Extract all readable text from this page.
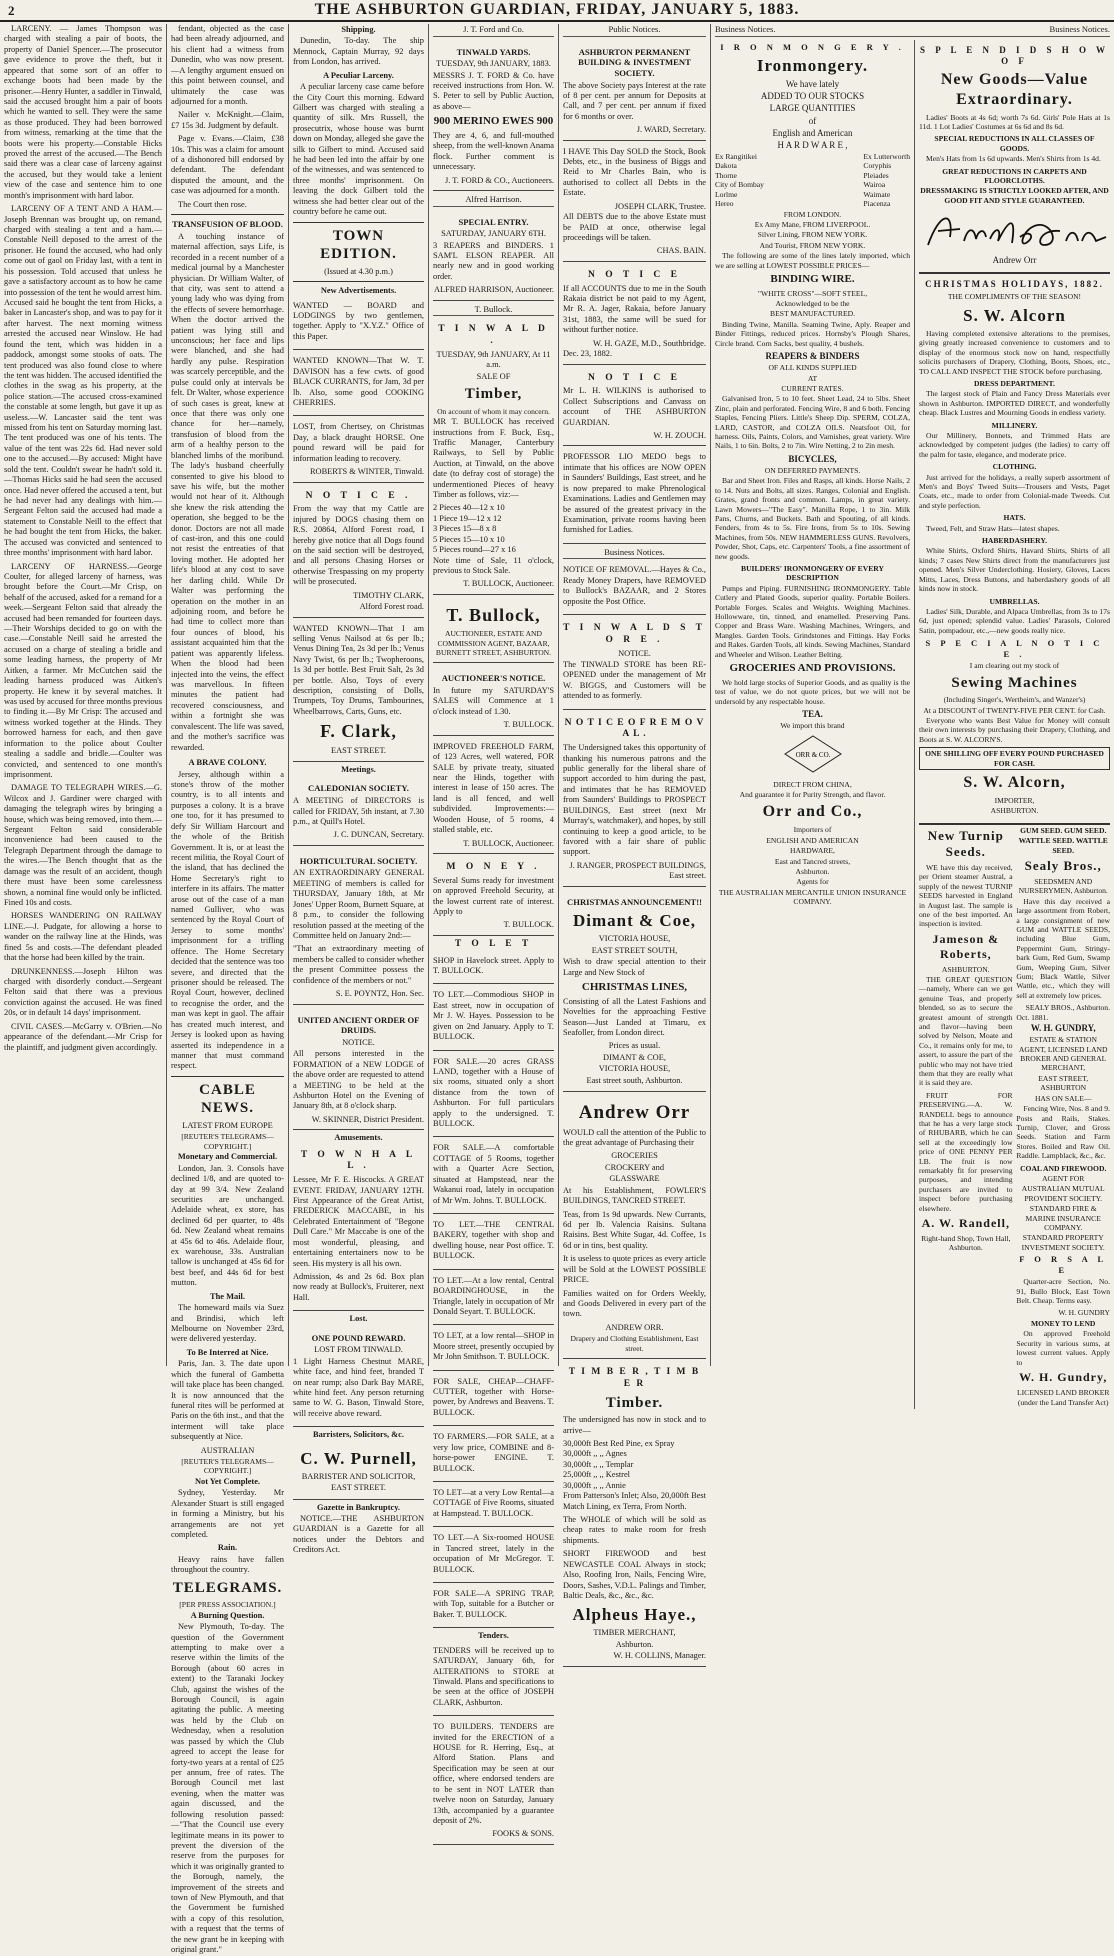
2	THE ASHBURTON GUARDIAN, FRIDAY, JANUARY 5, 1883.

LARCENY. — James Thompson was charged with stealing a pair of boots, the property of Daniel Spencer.—The prosecutor gave evidence to prove the theft, but it appeared that some sort of an offer to exchange boots had been made by the prisoner.—Henry Hunter, a saddler in Tinwald, said the accused brought him a pair of boots which he wanted to sell. They were the same as those produced. They had been borrowed from witness, remarking at the time that the boots were his property.—Constable Hicks proved the arrest of the accused.—The Bench said there was a clear case of larceny against the accused, but they would take a lenient view of the case and sentence him to one month's imprisonment with hard labor.

LARCENY OF A TENT AND A HAM.—Joseph Brennan was brought up, on remand, charged with stealing a tent and a ham.—Constable Neill deposed to the arrest of the prisoner. He found the accused, who had only come out of gaol on Friday last, with a tent in his possession. Told accused that unless he gave a satisfactory account as to how he came into possession of the tent he would arrest him. Accused said he bought the tent from Hicks, a baker in Lancaster's shop, and was to pay for it after harvest. The next morning witness arrested the accused near Winslow. He had found the tent, which was hidden in a paddock, amongst some stooks of oats. The tent produced was also found close to where the tent was hidden. The accused identified the clothes in the swag as his property, at the police station.—The accused cross-examined the constable at some length, but gave it up as useless.—W. Lancaster said the tent was missed from his tent on Saturday morning last. The tent produced was one of his tents. The value of the tent was 22s 6d. Had never sold one to the accused.—By accused: Might have sold the tent. Couldn't swear he hadn't sold it.—Thomas Hicks said he had seen the accused once. Had never offered the accused a tent, but he had never had any dealings with him.—Sergeant Felton said the accused had made a statement to Constable Neill to the effect that he had bought the tent from Hicks, the baker. The accused was convicted and sentenced to three months' imprisonment with hard labor.

LARCENY OF HARNESS.—George Coulter, for alleged larceny of harness, was brought before the Court.—Mr Crisp, on behalf of the accused, asked for a remand for a week.—Sergeant Felton said that already the accused had been remanded for fourteen days.—Their Worships decided to go on with the case.—Constable Neill said he arrested the accused on a charge of stealing a bridle and some leading harness, the property of Mr Aitken, a farmer. Mr McCutchen said the leading harness produced was Aitken's property. He knew it by several matches. It was used by accused for three months previous to finding it.—By Mr Crisp: The accused and witness worked together at the Hinds. They borrowed harness for each, and then gave information to the police about Coulter stealing a saddle and bridle.—Coulter was convicted, and sentenced to one month's imprisonment.

DAMAGE TO TELEGRAPH WIRES.—G. Wilcox and J. Gardiner were charged with damaging the telegraph wires by bringing a house, which was being removed, into them.—Sergeant Felton said considerable inconvenience had been caused to the Telegraph Department through the damage to the wires.—The Bench thought that as the damage was the result of an accident, though there must have been some carelessness shown, a nominal fine would only be inflicted. Fined 10s and costs.

HORSES WANDERING ON RAILWAY LINE.—J. Pudgate, for allowing a horse to wander on the railway line at the Hinds, was fined 5s and costs.—The defendant pleaded that the horse had been killed by the train.

DRUNKENNESS.—Joseph Hilton was charged with disorderly conduct.—Sergeant Felton said that there was a previous conviction against the accused. He was fined 20s, or in default 14 days' imprisonment.

CIVIL CASES.—McGarry v. O'Brien.—No appearance of the defendant.—Mr Crisp for the plaintiff, and judgment given accordingly.

fendant, objected as the case had been already adjourned, and his client had a witness from Dunedin, who was now present.—A lengthy argument ensued on this point between counsel, and ultimately the case was adjourned for a month.

Nailer v. McKnight.—Claim, £7 15s 3d. Judgment by default.

Page v. Evans.—Claim, £38 10s. This was a claim for amount of a dishonored bill endorsed by defendant. The defendant disputed the amount, and the case was adjourned for a month.

The Court then rose.

TRANSFUSION OF BLOOD.

A touching instance of maternal affection, says Life, is recorded in a recent number of a medical journal by a Manchester physician. Dr William Walter, of that city, was sent to attend a young lady who was dying from the effects of severe hemorrhage. When the doctor arrived the patient was lying still and unconscious; her face and lips were blanched, and she had hardly any pulse. Respiration was scarcely perceptible, and the pulse could only at intervals be felt. Dr Walter, whose experience of such cases is great, knew at once that there was only one chance for her—namely, transfusion of blood from the arm of a healthy person to the blanched limbs of the moribund. The lady's husband cheerfully consented to give his blood to save his wife, but the mother would not hear of it. Although she knew the risk attending the operation, she begged to be the donor. Doctors are not all made of cast-iron, and this one could not resist the entreaties of that loving mother. He adopted her life's blood at any cost to save her darling child. While Dr Walter was performing the operation on the mother in an adjoining room, and before he had time to collect more than four ounces of blood, his assistant acquainted him that the patient was apparently lifeless. When the blood had been injected into the veins, the effect was marvellous. In fifteen minutes the patient had recovered consciousness, and within a fortnight she was convalescent. The life was saved, and the mother's sacrifice was rewarded.

A BRAVE COLONY.

Jersey, although within a stone's throw of the mother country, is to all intents and purposes a colony. It is a brave one too, for it has presumed to defy Sir William Harcourt and the whole of the British Government. It is, or at least the recent militia, the Royal Court of the island, that has declined the Home Secretary's right to interfere in its affairs. The matter arose out of the case of a man named Gulliver, who was sentenced by the Royal Court of Jersey to some months' imprisonment for a trifling offence. The Home Secretary decided that the sentence was too severe, and directed that the prisoner should be released. The Royal Court, however, declined to recognise the order, and the man was kept in gaol. The affair has created much interest, and Jersey is looked upon as having asserted its independence in a manner that must command respect.

CABLE NEWS.
LATEST FROM EUROPE
[REUTER'S TELEGRAMS—COPYRIGHT.]
Monetary and Commercial.

London, Jan. 3. Consols have declined 1/8, and are quoted to-day at 99 3/4. New Zealand securities are unchanged. Adelaide wheat, ex store, has declined 6d per quarter, to 48s 6d. New Zealand wheat remains at 45s 6d to 46s. Adelaide flour, ex warehouse, 33s. Australian tallow is unchanged at 45s 6d for best beef, and 44s 6d for best mutton.

The Mail.

The homeward mails via Suez and Brindisi, which left Melbourne on November 23rd, were delivered yesterday.

To Be Interred at Nice.

Paris, Jan. 3. The date upon which the funeral of Gambetta will take place has been changed. It is now announced that the funeral rites will be performed at Paris on the 6th inst., and that the interment will take place subsequently at Nice.

AUSTRALIAN
[REUTER'S TELEGRAMS—COPYRIGHT.]
Not Yet Complete.

Sydney, Yesterday. Mr Alexander Stuart is still engaged in forming a Ministry, but his arrangements are not yet completed.

Rain.

Heavy rains have fallen throughout the country.

TELEGRAMS.
[PER PRESS ASSOCIATION.]
A Burning Question.

New Plymouth, To-day. The question of the Government attempting to make over a reserve within the limits of the Borough (about 60 acres in extent) to the Taranaki Jockey Club, against the wishes of the Borough Council, is again agitating the public. A meeting was held by the Club on Wednesday, when a resolution was passed by which the Club agreed to accept the lease for forty-two years at a rental of £25 per annum, free of rates. The Borough Council met last evening, when the matter was again discussed, and the following resolution passed:—"That the Council use every legitimate means in its power to prevent the diversion of the reserve from the purposes for which it was originally granted to the Borough, namely, the improvement of the streets and town of New Plymouth, and that the Government be furnished with a copy of this resolution, with a request that the terms of the new grant be in keeping with original grant."

Shipping.

Dunedin, To-day. The ship Mennock, Captain Murray, 92 days from London, has arrived.

A Peculiar Larceny.

A peculiar larceny case came before the City Court this morning. Edward Gilbert was charged with stealing a quantity of silk. Mrs Russell, the prosecutrix, whose house was burnt down on Monday, alleged she gave the silk to Gilbert to mind. Accused said he had been led into the affair by one of the witnesses, and was sentenced to three months' imprisonment. On leaving the dock Gilbert told the witness she had better clear out of the country before he came out.

TOWN EDITION.
(Issued at 4.30 p.m.)
New Advertisements.

WANTED — BOARD and LODGINGS by two gentlemen, together. Apply to "X.Y.Z." Office of this Paper.

WANTED KNOWN—That W. T. DAVISON has a few cwts. of good BLACK CURRANTS, for Jam, 3d per lb. Also, some good COOKING CHERRIES.

LOST, from Chertsey, on Christmas Day, a black draught HORSE. One pound reward will be paid for information leading to recovery.

ROBERTS & WINTER, Tinwald.
N O T I C E .

From the way that my Cattle are injured by DOGS chasing them on R.S. 20864, Alford Forest road, I hereby give notice that all Dogs found on the said section will be destroyed, and all persons Chasing Horses or otherwise Trespassing on my property will be prosecuted.

TIMOTHY CLARK,
Alford Forest road.

WANTED KNOWN—That I am selling Venus Nailsod at 6s per lb.; Venus Dining Tea, 2s 3d per lb.; Venus Navy Twist, 6s per lb.; Twopheroons, 1s 3d per bottle. Best Fruit Salt, 2s 3d per bottle. Also, Toys of every description, consisting of Dolls, Trumpets, Toy Drums, Tambourines, Wheelbarrows, Carts, Guns, etc.

F. Clark,
EAST STREET.
Meetings.
CALEDONIAN SOCIETY.

A MEETING of DIRECTORS is called for FRIDAY, 5th instant, at 7.30 p.m., at Quill's Hotel.

J. C. DUNCAN, Secretary.
HORTICULTURAL SOCIETY.

AN EXTRAORDINARY GENERAL MEETING of members is called for THURSDAY, January 18th, at Mr Jones' Upper Room, Burnett Square, at 8 p.m., to consider the following resolution passed at the meeting of the Committee held on January 2nd:—

"That an extraordinary meeting of members be called to consider whether the present Committee possess the confidence of the members or not."

S. E. POYNTZ, Hon. Sec.
UNITED ANCIENT ORDER OF DRUIDS.
NOTICE.

All persons interested in the FORMATION of a NEW LODGE of the above order are requested to attend a MEETING to be held at the Ashburton Hotel on the Evening of January 8th, at 8 o'clock sharp.

W. SKINNER, District President.
Amusements.
T O W N H A L L .

Lessee, Mr F. E. Hiscocks. A GREAT EVENT. FRIDAY, JANUARY 12TH. First Appearance of the Great Artist, FREDERICK MACCABE, in his Celebrated Entertainment of "Begone Dull Care." Mr Maccabe is one of the most wonderful, pleasing, and entertaining entertainers now to be seen. His mystery is all his own.

Admission, 4s and 2s 6d. Box plan now ready at Bullock's, Fruiterer, next Hall.

Lost.
ONE POUND REWARD.
LOST FROM TINWALD.

1 Light Harness Chestnut MARE, white face, and hind feet, branded T on near rump; also Dark Bay MARE, white hind feet. Any person returning same to W. G. Bason, Tinwald Store, will receive above reward.

Barristers, Solicitors, &c.
C. W. Purnell,
BARRISTER AND SOLICITOR,
EAST STREET.
Gazette in Bankruptcy.

NOTICE.—THE ASHBURTON GUARDIAN is a Gazette for all notices under the Debtors and Creditors Act.

J. T. Ford and Co.
TINWALD YARDS.
TUESDAY, 9th JANUARY, 1883.

MESSRS J. T. FORD & Co. have received instructions from Hon. W. S. Peter to sell by Public Auction, as above—

900 MERINO EWES 900

They are 4, 6, and full-mouthed sheep, from the well-known Anama flock. Further comment is unnecessary.

J. T. FORD & CO., Auctioneers.
Alfred Harrison.
SPECIAL ENTRY.
SATURDAY, JANUARY 6TH.

3 REAPERS and BINDERS. 1 SAM'L ELSON REAPER. All nearly new and in good working order.

ALFRED HARRISON, Auctioneer.
T. Bullock.
T I N W A L D .
TUESDAY, 9th JANUARY, At 11 a.m.
SALE OF
Timber,
On account of whom it may concern.

MR T. BULLOCK has received instructions from F. Buck, Esq., Traffic Manager, Canterbury Railways, to Sell by Public Auction, at Tinwald, on the above date (to defray cost of storage) the undermentioned Pieces of heavy Timber as follows, viz:—

2 Pieces 40—12 x 10
1 Piece 19—12 x 12
3 Pieces 15—8 x 8
5 Pieces 15—10 x 10
5 Pieces round—27 x 16

Note time of Sale, 11 o'clock, previous to Stock Sale.

T. BULLOCK, Auctioneer.
T. Bullock,
AUCTIONEER, ESTATE AND COMMISSION AGENT, BAZAAR, BURNETT STREET, ASHBURTON.
AUCTIONEER'S NOTICE.

In future my SATURDAY'S SALES will Commence at 1 o'clock instead of 1.30.

T. BULLOCK.

IMPROVED FREEHOLD FARM, of 123 Acres, well watered, FOR SALE by private treaty, situated near the Hinds, together with interest in lease of 150 acres. The land is all fenced, and well subdivided. Improvements:—Wooden House, of 5 rooms, 4 stalled stable, etc.

T. BULLOCK, Auctioneer.
M O N E Y .

Several Sums ready for investment on approved Freehold Security, at the lowest current rate of interest. Apply to

T. BULLOCK.
T O L E T

SHOP in Havelock street. Apply to T. BULLOCK.

TO LET.—Commodious SHOP in East street, now in occupation of Mr J. W. Hayes. Possession to be given on 2nd January. Apply to T. BULLOCK.

FOR SALE.—20 acres GRASS LAND, together with a House of six rooms, situated only a short distance from the town of Ashburton. For full particulars apply to the undersigned. T. BULLOCK.

FOR SALE.—A comfortable COTTAGE of 5 Rooms, together with a Quarter Acre Section, situated at Hampstead, near the Wakanui road, lately in occupation of Mr Wm. Johns. T. BULLOCK.

TO LET.—THE CENTRAL BAKERY, together with shop and dwelling house, near Post office. T. BULLOCK.

TO LET.—At a low rental, Central BOARDINGHOUSE, in the Triangle, lately in occupation of Mr Donald Seyart. T. BULLOCK.

TO LET, at a low rental—SHOP in Moore street, presently occupied by Mr John Smithson. T. BULLOCK.

FOR SALE, CHEAP—CHAFF-CUTTER, together with Horse-power, by Andrews and Beavens. T. BULLOCK.

TO FARMERS.—FOR SALE, at a very low price, COMBINE and 8-horse-power ENGINE. T. BULLOCK.

TO LET—at a very Low Rental—a COTTAGE of Five Rooms, situated at Hampstead. T. BULLOCK.

TO LET.—A Six-roomed HOUSE in Tancred street, lately in the occupation of Mr McGregor. T. BULLOCK.

FOR SALE—A SPRING TRAP, with Top, suitable for a Butcher or Baker. T. BULLOCK.

Tenders.

TENDERS will be received up to SATURDAY, January 6th, for ALTERATIONS to STORE at Tinwald. Plans and specifications to be seen at the office of JOSEPH CLARK, Ashburton.

TO BUILDERS. TENDERS are invited for the ERECTION of a HOUSE for R. Herring, Esq., at Alford Station. Plans and Specification may be seen at our office, where endorsed tenders are to be sent in NOT LATER than twelve noon on Saturday, January 13th, accompanied by a guarantee deposit of 2%.

FOOKS & SONS.
Public Notices.
ASHBURTON PERMANENT BUILDING & INVESTMENT SOCIETY.

The above Society pays Interest at the rate of 8 per cent. per annum for Deposits at Call, and 7 per cent. per annum if fixed for 6 months or over.

J. WARD, Secretary.

I HAVE This Day SOLD the Stock, Book Debts, etc., in the business of Biggs and Reid to Mr Charles Bain, who is authorised to collect all Debts in the Estate.

JOSEPH CLARK, Trustee.

All DEBTS due to the above Estate must be PAID at once, otherwise legal proceedings will be taken.

CHAS. BAIN.
N O T I C E

If all ACCOUNTS due to me in the South Rakaia district be not paid to my Agent, Mr R. A. Jager, Rakaia, before January 31st, 1883, the same will be sued for without further notice.

W. H. GAZE, M.D., Southbridge.
Dec. 23, 1882.
N O T I C E

Mr L. H. WILKINS is authorised to Collect Subscriptions and Canvass on account of THE ASHBURTON GUARDIAN.

W. H. ZOUCH.

PROFESSOR LIO MEDO begs to intimate that his offices are NOW OPEN in Saunders' Buildings, East street, and he is now prepared to make Phrenological Examinations. Ladies and Gentlemen may be assured of the greatest privacy in the Examination, private rooms having been furnished for Ladies.

Business Notices.

NOTICE OF REMOVAL.—Hayes & Co., Ready Money Drapers, have REMOVED to Bullock's BAZAAR, and 2 Stores opposite the Post Office.

T I N W A L D S T O R E .
NOTICE.

The TINWALD STORE has been RE-OPENED under the management of Mr W. BIGGS, and Customers will be attended to as formerly.

N O T I C E O F R E M O V A L .

The Undersigned takes this opportunity of thanking his numerous patrons and the public generally for the liberal share of support accorded to him during the past, and intimates that he has REMOVED from Saunders' Buildings to PROSPECT BUILDINGS, East street (next Mr Murray's, watchmaker), and hopes, by still continuing to keep a good article, to be favored with a fair share of public support.

J. RANGER, PROSPECT BUILDINGS, East street.
CHRISTMAS ANNOUNCEMENT!!
Dimant & Coe,
VICTORIA HOUSE,
EAST STREET SOUTH,

Wish to draw special attention to their Large and New Stock of

CHRISTMAS LINES,

Consisting of all the Latest Fashions and Novelties for the approaching Festive Season—Just Landed at Timaru, ex Seafoller, from London direct.

Prices as usual.
DIMANT & COE,
VICTORIA HOUSE,
East street south, Ashburton.
Andrew Orr

WOULD call the attention of the Public to the great advantage of Purchasing their

GROCERIES
CROCKERY and
GLASSWARE

At his Establishment, FOWLER'S BUILDINGS, TANCRED STREET.

Teas, from 1s 9d upwards. New Currants, 6d per lb. Valencia Raisins. Sultana Raisins. Best White Sugar, 4d. Coffee, 1s 6d or in tins, best quality.

It is useless to quote prices as every article will be Sold at the LOWEST POSSIBLE PRICE.

Families waited on for Orders Weekly, and Goods Delivered in every part of the town.

ANDREW ORR.
Drapery and Clothing Establishment, East street.
T I M B E R , T I M B E R
Timber.

The undersigned has now in stock and to arrive—

30,000ft Best Red Pine, ex Spray
30,000ft ,, ,, Agnes
30,000ft ,, ,, Templar
25,000ft ,, ,, Kestrel
30,000ft ,, ,, Annie

From Patterson's Inlet; Also, 20,000ft Best Match Lining, ex Terra, From North.

The WHOLE of which will be sold as cheap rates to make room for fresh shipments.

SHORT FIREWOOD and best NEWCASTLE COAL Always in stock; Also, Roofing Iron, Nails, Fencing Wire, Doors, Sashes, V.D.L. Palings and Timber, Baltic Deals, &c., &c., &c.

Alpheus Haye.,
TIMBER MERCHANT,
Ashburton.
W. H. COLLINS, Manager.
Business Notices.	Business Notices.
I R O N M O N G E R Y .
Ironmongery.
We have lately
ADDED TO OUR STOCKS
LARGE QUANTITIES
of
English and American
H A R D W A R E ,
Ex Rangitikei
Dakota
Thorne
City of Bombay
Lorlme
Hereo
Ex Lutterworth
Coryphis
Pleiades
Wairoa
Waimate
Piacenza
FROM LONDON.
Ex Amy Mane, FROM LIVERPOOL.
Silver Lining, FROM NEW YORK.
And Tourist, FROM NEW YORK.

The following are some of the lines lately imported, which we are selling at LOWEST POSSIBLE PRICES—

BINDING WIRE.
"WHITE CROSS"—SOFT STEEL,
Acknowledged to be the
BEST MANUFACTURED.

Binding Twine, Manilla. Seaming Twine, Aply. Reaper and Binder Fittings, reduced prices. Hornsby's Plough Shares, Circle brand. Corn Sacks, best quality, 4 bushels.

REAPERS & BINDERS
OF ALL KINDS SUPPLIED
AT
CURRENT RATES.

Galvanised Iron, 5 to 10 feet. Sheet Lead, 24 to 5lbs. Sheet Zinc, plain and perforated. Fencing Wire, 8 and 6 both. Fencing Staples, Fencing Pliers. Little's Sheep Dip. SPERM, COLZA, LARD, CASTOR, and COLZA OILS. Neatsfoot Oil, for harness. Oils, Paints, Colors, and Varnishes, great variety. Wire Nails, 1 to 6in. Bolts, 2 to 7in. Wire Netting, 2 to 2in mesh.

BICYCLES,
ON DEFERRED PAYMENTS.

Bar and Sheet Iron. Files and Rasps, all kinds. Horse Nails, 2 to 14. Nuts and Bolts, all sizes. Ranges, Colonial and English. Grates, grand fronts and common. Lamps, in great variety. Lawn Mowers—"The Easy". Manilla Rope, 1 to 3in. Milk Pans, Churns, and Buckets. Bath and Spouting, of all kinds. Fenders, from 4s to 5s. Fire Irons, from 5s to 10s. Sewing Machines, from 50s. NEW HAMMERLESS GUNS. Revolvers, Powder, Shot, Caps, etc. Carpenters' Tools, a fine assortment of new goods.

BUILDERS' IRONMONGERY OF EVERY DESCRIPTION

Pumps and Piping. FURNISHING IRONMONGERY. Table Cutlery and Plated Goods, superior quality. Portable Boilers. Portable Forges. Scales and Weights. Weighing Machines. Hollowware, tin, tinned, and enamelled. Preserving Pans. Copper and Brass Ware. Washing Machines, Wringers, and Mangles. Garden Tools. Grindstones and Fittings. Hay Forks and Rakes. Garden Tools, all kinds. Sewing Machines, Standard and Wheeler and Wilson. Leather Belting.

GROCERIES AND PROVISIONS.

We hold large stocks of Superior Goods, and as quality is the test of value, we do not quote prices, but we will not be undersold by any respectable house.

TEA.
We import this brand
ORR & CO.
DIRECT FROM CHINA,
And guarantee it for Purity Strength, and flavor.
Orr and Co.,
Importers of
ENGLISH AND AMERICAN
HARDWARE,
East and Tancred streets,
Ashburton.
Agents for
THE AUSTRALIAN MERCANTILE UNION INSURANCE COMPANY.
S P L E N D I D S H O W O F
New Goods—Value Extraordinary.

Ladies' Boots at 4s 6d; worth 7s 6d. Girls' Pole Hats at 1s 11d. 1 Lot Ladies' Costumes at 6s 6d and 8s 6d.

SPECIAL REDUCTIONS IN ALL CLASSES OF GOODS.

Men's Hats from 1s 6d upwards. Men's Shirts from 1s 4d.

GREAT REDUCTIONS IN CARPETS AND FLOORCLOTHS.
DRESSMAKING IS STRICTLY LOOKED AFTER, AND GOOD FIT AND STYLE GUARANTEED.
Andrew Orr
CHRISTMAS HOLIDAYS, 1882.
THE COMPLIMENTS OF THE SEASON!
S. W. Alcorn

Having completed extensive alterations to the premises, giving greatly increased convenience to customers and to display of the enormous stock now on hand, respectfully solicits purchasers of Drapery, Clothing, Boots, Shoes, etc., TO CALL AND INSPECT THE STOCK before purchasing.

DRESS DEPARTMENT.

The largest stock of Plain and Fancy Dress Materials ever shown in Ashburton. IMPORTED DIRECT, and wonderfully cheap. Black Lustres and Mourning Goods in endless variety.

MILLINERY.

Our Millinery, Bonnets, and Trimmed Hats are acknowledged by competent judges (the ladies) to carry off the palm for taste, elegance, and moderate price.

CLOTHING.

Just arrived for the holidays, a really superb assortment of Men's and Boys' Tweed Suits—Trousers and Vests, Paget Coats, etc., made to order from Colonial-made Tweeds. Cut and style perfection.

HATS.

Tweed, Felt, and Straw Hats—latest shapes.

HABERDASHERY.

White Shirts, Oxford Shirts, Havard Shirts, Shirts of all kinds; 7 cases New Shirts direct from the manufacturers just opened. Men's Silver Underclothing. Hosiery, Gloves, Laces Mitts, Laces, Dress Buttons, and haberdashery goods of all kinds now in stock.

UMBRELLAS.

Ladies' Silk, Durable, and Alpaca Umbrellas, from 3s to 17s 6d, just opened; splendid value. Ladies' Parasols, Colored Satin, pompadour, etc.,—new goods really nice.

S P E C I A L N O T I C E .
I am clearing out my stock of
Sewing Machines
(Including Singer's, Wertheim's, and Wanzer's)
At a DISCOUNT of TWENTY-FIVE PER CENT. for Cash.

Everyone who wants Best Value for Money will consult their own interests by purchasing their Drapery, Clothing, and Boots at S. W. ALCORN'S.

ONE SHILLING OFF EVERY POUND PURCHASED FOR CASH.
S. W. Alcorn,
IMPORTER,
ASHBURTON.
New Turnip Seeds.

WE have this day received, per Orient steamer Austral, a supply of the newest TURNIP SEEDS harvested in England in August last. The sample is one of the best imported. An inspection is invited.

Jameson & Roberts,
ASHBURTON.

THE GREAT QUESTION—namely, Where can we get genuine Teas, and properly blended, so as to secure the greatest amount of strength and flavor—having been solved by Nelson, Moate and Co., it remains only for me, to assert, to assure the part of the public who may not have tried them that they are really what it is said they are.

FRUIT FOR PRESERVING.—A. W. RANDELL begs to announce that he has a very large stock of RHUBARB, which he can sell at the exceedingly low price of ONE PENNY PER LB. The fruit is now remarkably fit for preserving purposes, and intending purchasers are invited to inspect before purchasing elsewhere.

A. W. Randell,
Right-hand Shop, Town Hall, Ashburton.
GUM SEED. GUM SEED.
WATTLE SEED. WATTLE SEED.
Sealy Bros.,
SEEDSMEN AND NURSERYMEN, Ashburton.

Have this day received a large assortment from Robert, a large consignment of new GUM and WATTLE SEEDS, including Blue Gum, Peppermint Gum, Stringy-bark Gum, Red Gum, Swamp Gum, Weeping Gum, Silver Gum; Black Wattle, Silver Wattle, etc., which they will sell at extremely low prices.

SEALY BROS., Ashburton.
Oct. 1881.
W. H. GUNDRY,
ESTATE & STATION AGENT, LICENSED LAND BROKER AND GENERAL MERCHANT,
EAST STREET, ASHBURTON
HAS ON SALE—

Fencing Wire, Nos. 8 and 9. Posts and Rails, Stakes. Turnip, Clover, and Gross Seeds. Station and Farm Stores. Boiled and Raw Oil. Raddle. Lampblack, &c., &c.

COAL AND FIREWOOD.
AGENT FOR
AUSTRALIAN MUTUAL PROVIDENT SOCIETY.
STANDARD FIRE & MARINE INSURANCE COMPANY.
STANDARD PROPERTY INVESTMENT SOCIETY.
F O R S A L E

Quarter-acre Section, No. 91, Bullo Block, East Town Belt. Cheap. Terms easy.

W. H. GUNDRY
MONEY TO LEND

On approved Freehold Security in various sums, at lowest current values. Apply to

W. H. Gundry,
LICENSED LAND BROKER
(under the Land Transfer Act)
